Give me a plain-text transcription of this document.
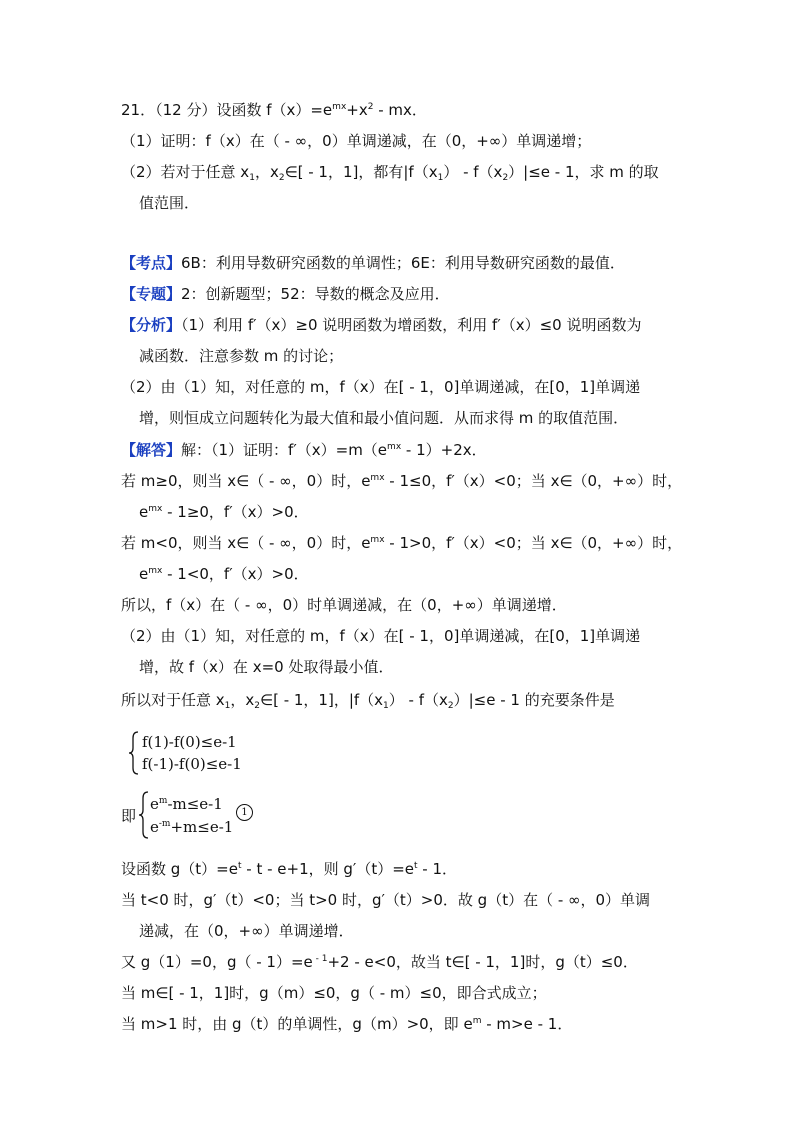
21．（12 分）设函数 $f(x)=e^{mx}+x^2$ - mx．
（1）证明：f（x）在（ - ∞，0）单调递减，在（0，+∞）单调递增；
（2）若对于任意 $x_1$，$x_2\in[ - 1$，1]，都有$|f(x_1) - f(x_2)|\le e - 1$，求 m 的取
值范围．
【考点】6B：利用导数研究函数的单调性；6E：利用导数研究函数的最值．
【专题】2：创新题型；52：导数的概念及应用．
【分析】（1）利用 f′（x）≥0 说明函数为增函数，利用 f′（x）≤0 说明函数为
减函数．注意参数 m 的讨论；
（2）由（1）知，对任意的 m，f（x）在[ - 1，0]单调递减，在[0，1]单调递
增，则恒成立问题转化为最大值和最小值问题．从而求得 m 的取值范围．
【解答】解：（1）证明：$f'(x)=m(e^{mx} - 1)+2x$．
若 m≥0，则当 x∈（ - ∞，0）时，$e^{mx} - 1\le 0$，f′（x）<0；当 x∈（0，+∞）时，
$e^{mx} - 1\ge 0$，f′（x）>0．
若 m<0，则当 x∈（ - ∞，0）时，$e^{mx} - 1>0$，f′（x）<0；当 x∈（0，+∞）时，
$e^{mx} - 1<0$，f′（x）>0．
所以，f（x）在（ - ∞，0）时单调递减，在（0，+∞）单调递增．
（2）由（1）知，对任意的 m，f（x）在[ - 1，0]单调递减，在[0，1]单调递
增，故 f（x）在 x=0 处取得最小值．
所以对于任意 $x_1$，$x_2\in[ - 1$，1]，$|f(x_1) - f(x_2)|\le e - 1$ 的充要条件是
f(1)-f(0)≤e-1
f(-1)-f(0)≤e-1
即
$e^m-m\le e-1$
$e^{-m}+m\le e-1$
1
设函数 $g(t)=e^t - t - e+1$，则 $g'(t)=e^t - 1$．
当 t<0 时，g′（t）<0；当 t>0 时，g′（t）>0．故 g（t）在（ - ∞，0）单调
递减，在（0，+∞）单调递增．
又 g（1）=0，g（ - 1）=e $^{- 1}$+2 - e<0，故当 t∈[ - 1，1]时，g（t）≤0．
当 m∈[ - 1，1]时，g（m）≤0，g（ - m）≤0，即合式成立；
当 m>1 时，由 g（t）的单调性，g（m）>0，即 $e^m - m>e - 1$．
